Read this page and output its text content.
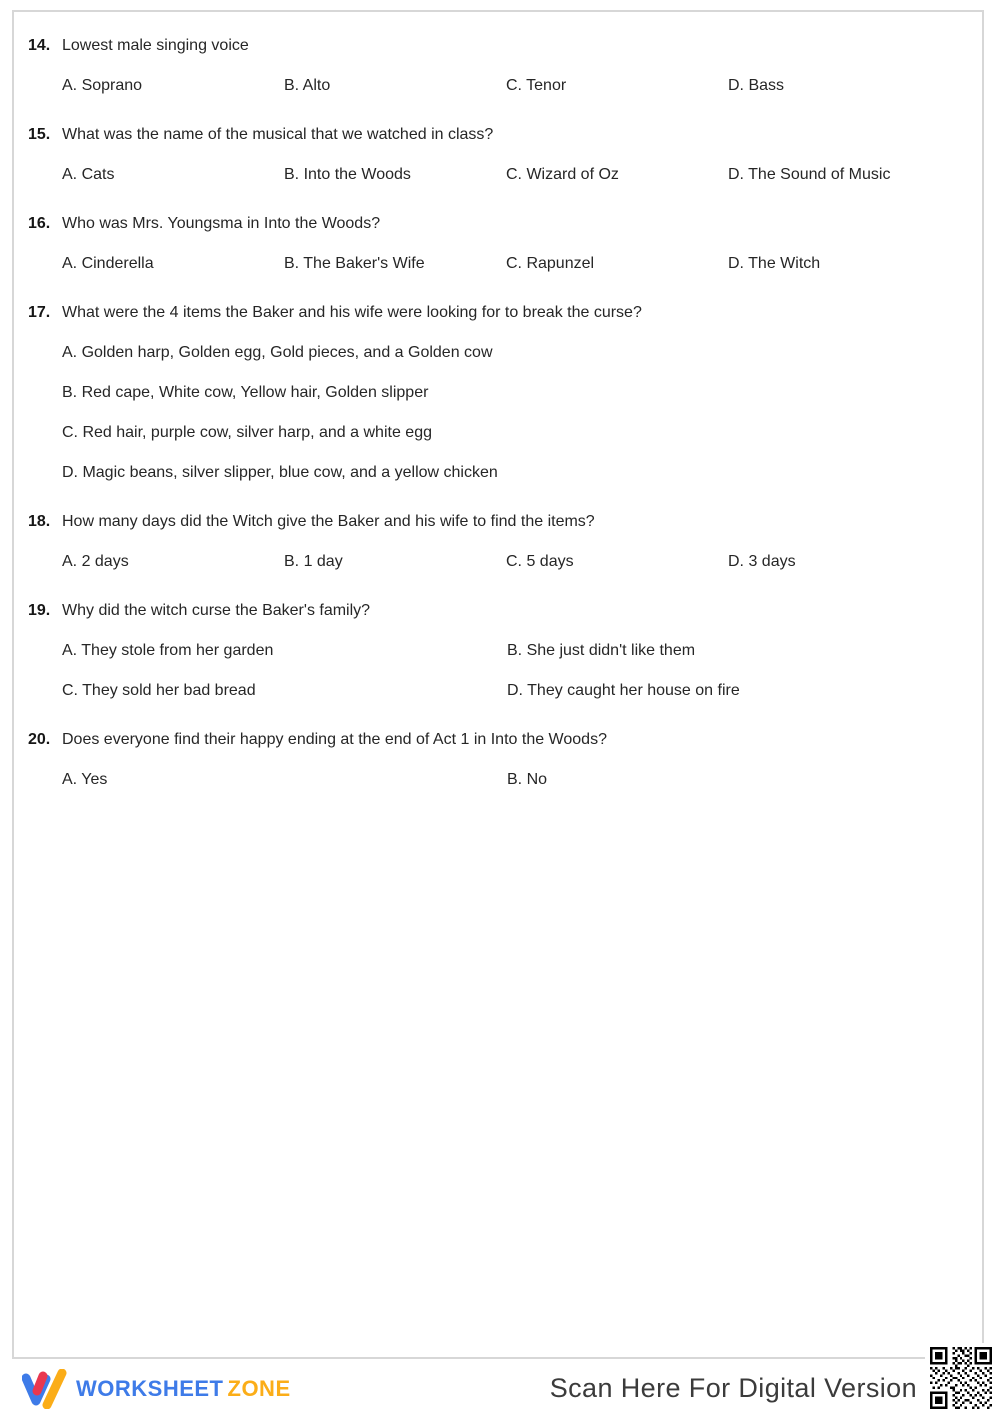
14. Lowest male singing voice
A. Soprano	B. Alto	C. Tenor	D. Bass
15. What was the name of the musical that we watched in class?
A. Cats	B. Into the Woods	C. Wizard of Oz	D. The Sound of Music
16. Who was Mrs. Youngsma in Into the Woods?
A. Cinderella	B. The Baker's Wife	C. Rapunzel	D. The Witch
17. What were the 4 items the Baker and his wife were looking for to break the curse?
A. Golden harp, Golden egg, Gold pieces, and a Golden cow
B. Red cape, White cow, Yellow hair, Golden slipper
C. Red hair, purple cow, silver harp, and a white egg
D. Magic beans, silver slipper, blue cow, and a yellow chicken
18. How many days did the Witch give the Baker and his wife to find the items?
A. 2 days	B. 1 day	C. 5 days	D. 3 days
19. Why did the witch curse the Baker's family?
A. They stole from her garden	B. She just didn't like them
C. They sold her bad bread	D. They caught her house on fire
20. Does everyone find their happy ending at the end of Act 1 in Into the Woods?
A. Yes	B. No
WORKSHEET ZONE	Scan Here For Digital Version
